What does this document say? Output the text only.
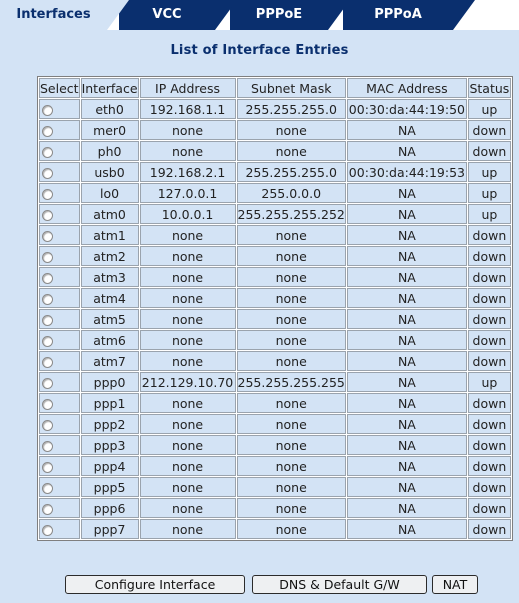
Interfaces	VCC	PPPoE	PPPoA
List of Interface Entries
Select	Interface	IP Address	Subnet Mask	MAC Address	Status
	eth0	192.168.1.1	255.255.255.0	00:30:da:44:19:50	up
	mer0	none	none	NA	down
	ph0	none	none	NA	down
	usb0	192.168.2.1	255.255.255.0	00:30:da:44:19:53	up
	lo0	127.0.0.1	255.0.0.0	NA	up
	atm0	10.0.0.1	255.255.255.252	NA	up
	atm1	none	none	NA	down
	atm2	none	none	NA	down
	atm3	none	none	NA	down
	atm4	none	none	NA	down
	atm5	none	none	NA	down
	atm6	none	none	NA	down
	atm7	none	none	NA	down
	ppp0	212.129.10.70	255.255.255.255	NA	up
	ppp1	none	none	NA	down
	ppp2	none	none	NA	down
	ppp3	none	none	NA	down
	ppp4	none	none	NA	down
	ppp5	none	none	NA	down
	ppp6	none	none	NA	down
	ppp7	none	none	NA	down
Configure Interface	DNS & Default G/W	NAT
